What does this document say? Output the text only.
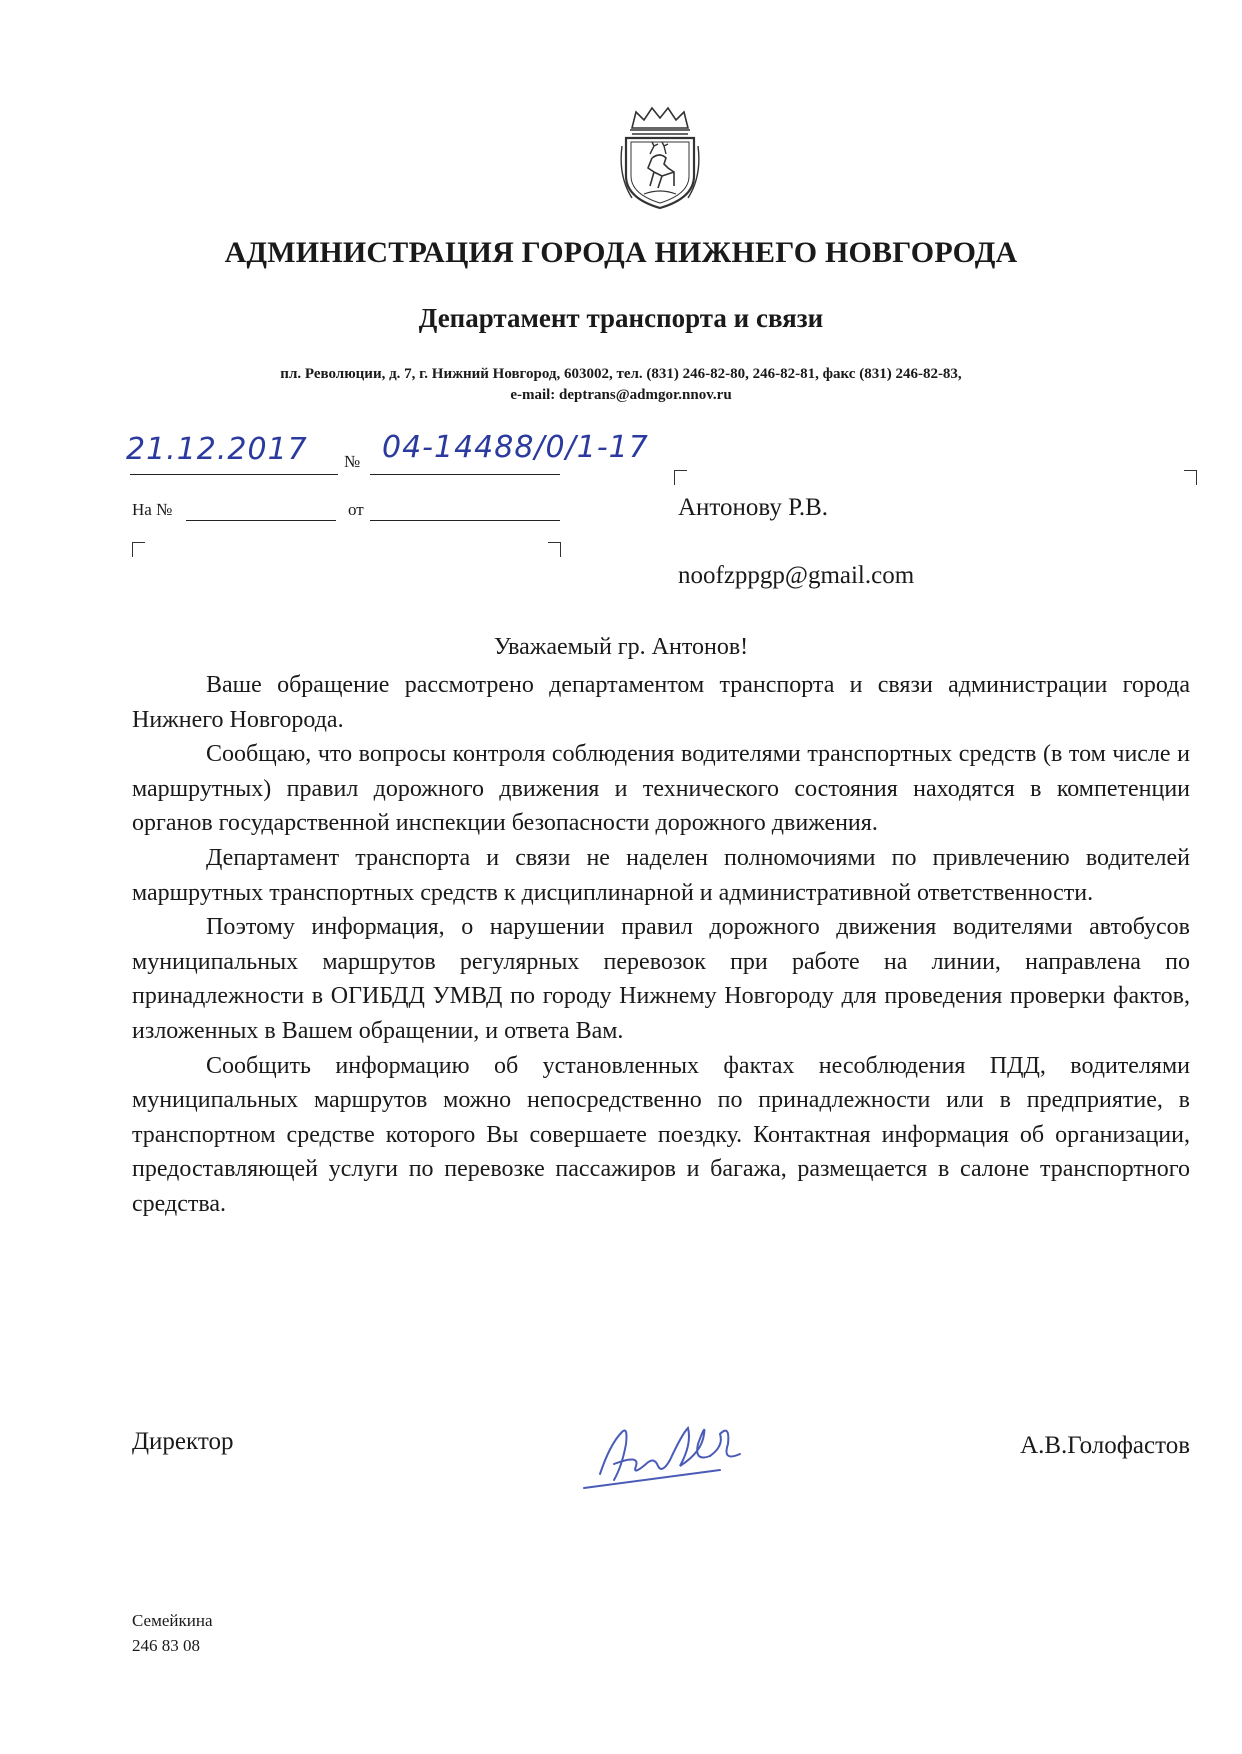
АДМИНИСТРАЦИЯ ГОРОДА НИЖНЕГО НОВГОРОДА
Департамент транспорта и связи
пл. Революции, д. 7, г. Нижний Новгород, 603002, тел. (831) 246-82-80, 246-82-81, факс (831) 246-82-83,
e-mail: deptrans@admgor.nnov.ru
21.12.2017 № 04-14488/0/1-17
На №	от	Антонову Р.В.
noofzppgp@gmail.com
Уважаемый гр. Антонов!

Ваше обращение рассмотрено департаментом транспорта и связи администрации города Нижнего Новгорода.

Сообщаю, что вопросы контроля соблюдения водителями транспортных средств (в том числе и маршрутных) правил дорожного движения и технического состояния находятся в компетенции органов государственной инспекции безопасности дорожного движения.

Департамент транспорта и связи не наделен полномочиями по привлечению водителей маршрутных транспортных средств к дисциплинарной и административной ответственности.

Поэтому информация, о нарушении правил дорожного движения водителями автобусов муниципальных маршрутов регулярных перевозок при работе на линии, направлена по принадлежности в ОГИБДД УМВД по городу Нижнему Новгороду для проведения проверки фактов, изложенных в Вашем обращении, и ответа Вам.

Сообщить информацию об установленных фактах несоблюдения ПДД, водителями муниципальных маршрутов можно непосредственно по принадлежности или в предприятие, в транспортном средстве которого Вы совершаете поездку. Контактная информация об организации, предоставляющей услуги по перевозке пассажиров и багажа, размещается в салоне транспортного средства.

Директор	А.В.Голофастов
Семейкина
246 83 08
